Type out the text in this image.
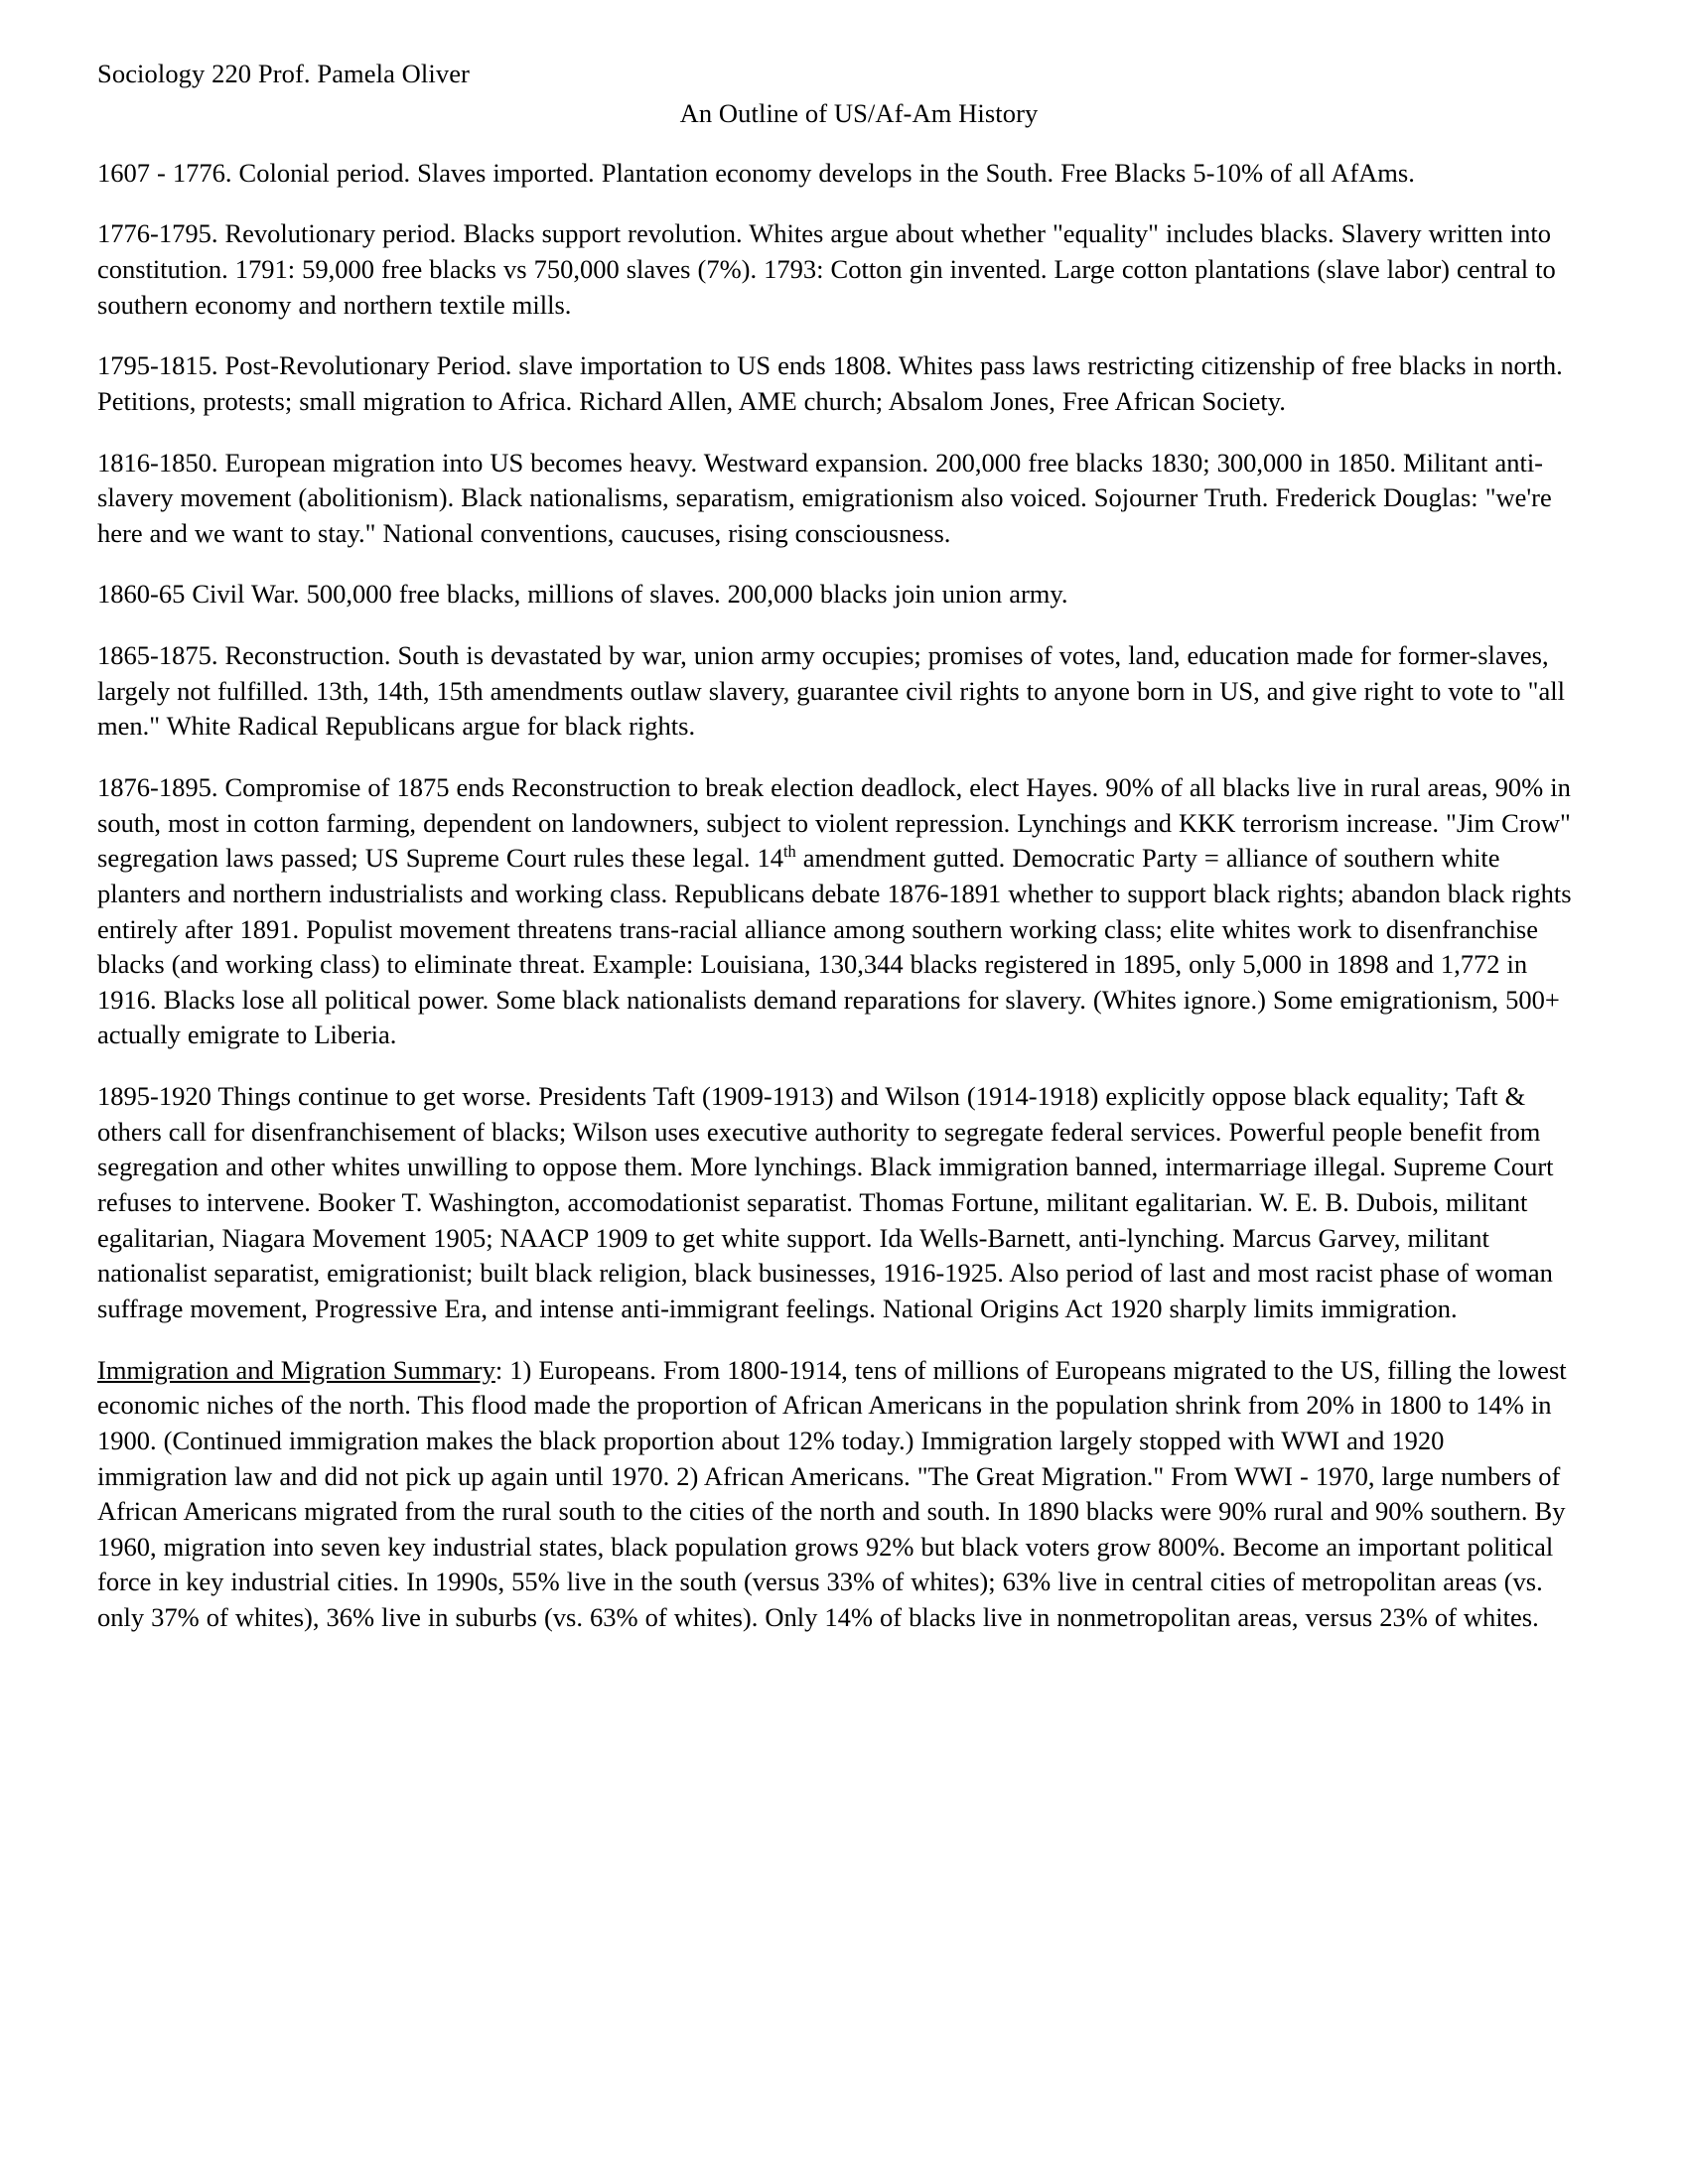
Sociology 220 Prof. Pamela Oliver
An Outline of US/Af-Am History

1607 - 1776. Colonial period. Slaves imported. Plantation economy develops in the South. Free Blacks 5-10% of all AfAms.

1776-1795. Revolutionary period. Blacks support revolution. Whites argue about whether "equality" includes blacks. Slavery written into constitution. 1791: 59,000 free blacks vs 750,000 slaves (7%). 1793: Cotton gin invented. Large cotton plantations (slave labor) central to southern economy and northern textile mills.

1795-1815. Post-Revolutionary Period. slave importation to US ends 1808. Whites pass laws restricting citizenship of free blacks in north. Petitions, protests; small migration to Africa. Richard Allen, AME church; Absalom Jones, Free African Society.

1816-1850. European migration into US becomes heavy. Westward expansion. 200,000 free blacks 1830; 300,000 in 1850. Militant anti-slavery movement (abolitionism). Black nationalisms, separatism, emigrationism also voiced. Sojourner Truth. Frederick Douglas: "we're here and we want to stay." National conventions, caucuses, rising consciousness.

1860-65 Civil War. 500,000 free blacks, millions of slaves. 200,000 blacks join union army.

1865-1875. Reconstruction. South is devastated by war, union army occupies; promises of votes, land, education made for former-slaves, largely not fulfilled. 13th, 14th, 15th amendments outlaw slavery, guarantee civil rights to anyone born in US, and give right to vote to "all men." White Radical Republicans argue for black rights.

1876-1895. Compromise of 1875 ends Reconstruction to break election deadlock, elect Hayes. 90% of all blacks live in rural areas, 90% in south, most in cotton farming, dependent on landowners, subject to violent repression. Lynchings and KKK terrorism increase. "Jim Crow" segregation laws passed; US Supreme Court rules these legal. 14th amendment gutted. Democratic Party = alliance of southern white planters and northern industrialists and working class. Republicans debate 1876-1891 whether to support black rights; abandon black rights entirely after 1891. Populist movement threatens trans-racial alliance among southern working class; elite whites work to disenfranchise blacks (and working class) to eliminate threat. Example: Louisiana, 130,344 blacks registered in 1895, only 5,000 in 1898 and 1,772 in 1916. Blacks lose all political power. Some black nationalists demand reparations for slavery. (Whites ignore.) Some emigrationism, 500+ actually emigrate to Liberia.

1895-1920 Things continue to get worse. Presidents Taft (1909-1913) and Wilson (1914-1918) explicitly oppose black equality; Taft & others call for disenfranchisement of blacks; Wilson uses executive authority to segregate federal services. Powerful people benefit from segregation and other whites unwilling to oppose them. More lynchings. Black immigration banned, intermarriage illegal. Supreme Court refuses to intervene. Booker T. Washington, accomodationist separatist. Thomas Fortune, militant egalitarian. W. E. B. Dubois, militant egalitarian, Niagara Movement 1905; NAACP 1909 to get white support. Ida Wells-Barnett, anti-lynching. Marcus Garvey, militant nationalist separatist, emigrationist; built black religion, black businesses, 1916-1925. Also period of last and most racist phase of woman suffrage movement, Progressive Era, and intense anti-immigrant feelings. National Origins Act 1920 sharply limits immigration.

Immigration and Migration Summary: 1) Europeans. From 1800-1914, tens of millions of Europeans migrated to the US, filling the lowest economic niches of the north. This flood made the proportion of African Americans in the population shrink from 20% in 1800 to 14% in 1900. (Continued immigration makes the black proportion about 12% today.) Immigration largely stopped with WWI and 1920 immigration law and did not pick up again until 1970. 2) African Americans. "The Great Migration." From WWI - 1970, large numbers of African Americans migrated from the rural south to the cities of the north and south. In 1890 blacks were 90% rural and 90% southern. By 1960, migration into seven key industrial states, black population grows 92% but black voters grow 800%. Become an important political force in key industrial cities. In 1990s, 55% live in the south (versus 33% of whites); 63% live in central cities of metropolitan areas (vs. only 37% of whites), 36% live in suburbs (vs. 63% of whites). Only 14% of blacks live in nonmetropolitan areas, versus 23% of whites.
